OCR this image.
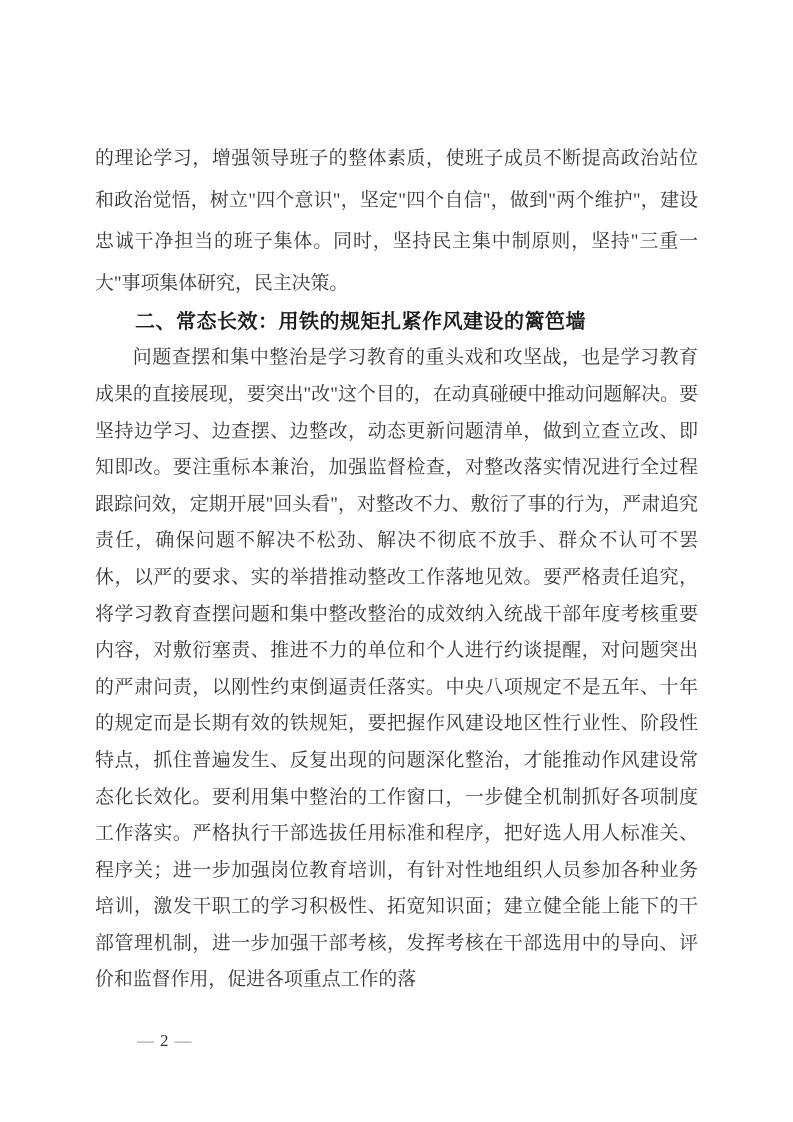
的理论学习，增强领导班子的整体素质，使班子成员不断提高政治站位和政治觉悟，树立"四个意识"，坚定"四个自信"，做到"两个维护"，建设忠诚干净担当的班子集体。同时，坚持民主集中制原则，坚持"三重一大"事项集体研究，民主决策。

二、常态长效：用铁的规矩扎紧作风建设的篱笆墙

问题查摆和集中整治是学习教育的重头戏和攻坚战，也是学习教育成果的直接展现，要突出"改"这个目的，在动真碰硬中推动问题解决。要坚持边学习、边查摆、边整改，动态更新问题清单，做到立查立改、即知即改。要注重标本兼治，加强监督检查，对整改落实情况进行全过程跟踪问效，定期开展"回头看"，对整改不力、敷衍了事的行为，严肃追究责任，确保问题不解决不松劲、解决不彻底不放手、群众不认可不罢休，以严的要求、实的举措推动整改工作落地见效。要严格责任追究，将学习教育查摆问题和集中整改整治的成效纳入统战干部年度考核重要内容，对敷衍塞责、推进不力的单位和个人进行约谈提醒，对问题突出的严肃问责，以刚性约束倒逼责任落实。中央八项规定不是五年、十年的规定而是长期有效的铁规矩，要把握作风建设地区性行业性、阶段性特点，抓住普遍发生、反复出现的问题深化整治，才能推动作风建设常态化长效化。要利用集中整治的工作窗口，一步健全机制抓好各项制度工作落实。严格执行干部选拔任用标准和程序，把好选人用人标准关、程序关；进一步加强岗位教育培训，有针对性地组织人员参加各种业务培训，激发干职工的学习积极性、拓宽知识面；建立健全能上能下的干部管理机制，进一步加强干部考核，发挥考核在干部选用中的导向、评价和监督作用，促进各项重点工作的落

— 2 —
